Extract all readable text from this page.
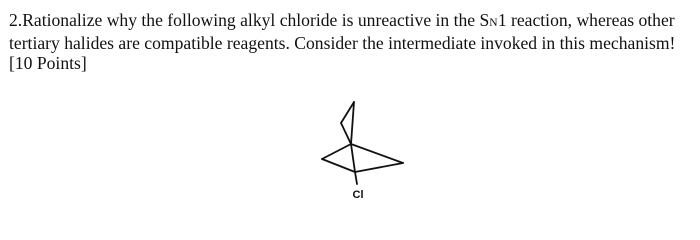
2.Rationalize why the following alkyl chloride is unreactive in the SN1 reaction, whereas other tertiary halides are compatible reagents. Consider the intermediate invoked in this mechanism! [10 Points]
Cl
